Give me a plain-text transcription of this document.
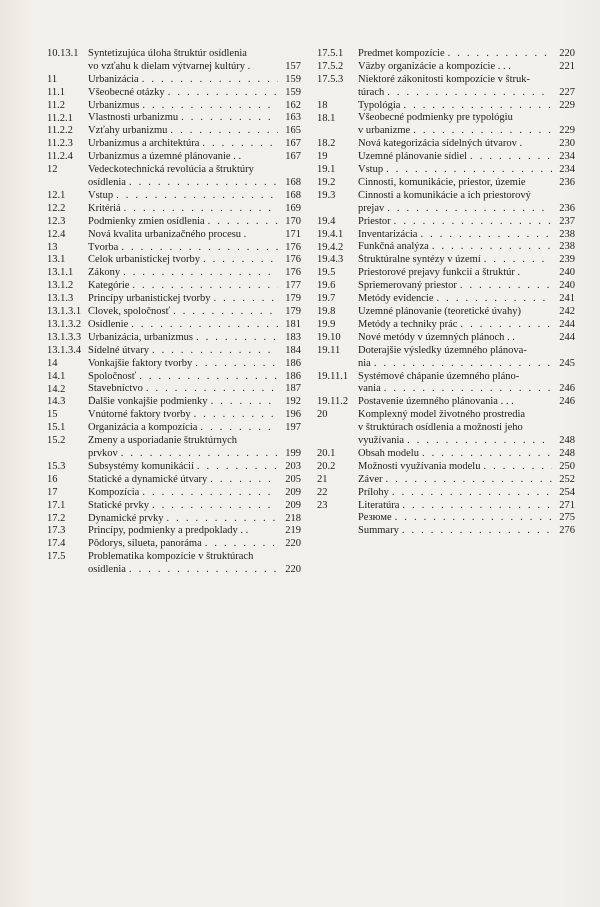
10.13.1 Syntetizujúca úloha štruktúr osídlenia
vo vzťahu k dielam výtvarnej kultúry .	157
11	Urbanizácia . . .	159
11.1	Všeobecné otázky . . .	159
11.2	Urbanizmus . . .	162
11.2.1	Vlastnosti urbanizmu . . .	163
11.2.2	Vzťahy urbanizmu . . .	165
11.2.3	Urbanizmus a architektúra . . .	167
11.2.4	Urbanizmus a územné plánovanie . .	167
12	Vedeckotechnická revolúcia a štruktúry
osídlenia . . .	168
12.1	Vstup . . .	168
12.2	Kritériá . . .	169
12.3	Podmienky zmien osídlenia . . .	170
12.4	Nová kvalita urbanizačného procesu .	171
13	Tvorba . . .	176
13.1	Celok urbanistickej tvorby . . .	176
13.1.1	Zákony . . .	176
13.1.2	Kategórie . . .	177
13.1.3	Princípy urbanistickej tvorby . . .	179
13.1.3.1 Človek, spoločnosť . . .	179
13.1.3.2 Osídlenie . . .	181
13.1.3.3 Urbanizácia, urbanizmus . . .	183
13.1.3.4 Sídelné útvary . . .	184
14	Vonkajšie faktory tvorby . . .	186
14.1	Spoločnosť . . .	186
14.2	Stavebníctvo . . .	187
14.3	Ďalšie vonkajšie podmienky . . .	192
15	Vnútorné faktory tvorby . . .	196
15.1	Organizácia a kompozícia . . .	197
15.2	Zmeny a usporiadanie štruktúrnych
prvkov . . .	199
15.3	Subsystémy komunikácií . . .	203
16	Statické a dynamické útvary . . .	205
17	Kompozícia . . .	209
17.1	Statické prvky . . .	209
17.2	Dynamické prvky . . .	218
17.3	Princípy, podmienky a predpoklady . .	219
17.4	Pôdorys, silueta, panoráma . . .	220
17.5	Problematika kompozície v štruktúrach
osídlenia . . .	220
17.5.1	Predmet kompozície . . .	220
17.5.2	Väzby organizácie a kompozície . . .	221
17.5.3	Niektoré zákonitosti kompozície v štruk-
túrach . . .	227
18	Typológia . . .	229
18.1	Všeobecné podmienky pre typológiu
v urbanizme . . .	229
18.2	Nová kategorizácia sídelných útvarov .	230
19	Územné plánovanie sídiel . . .	234
19.1	Vstup . . .	234
19.2	Činnosti, komunikácie, priestor, územie	236
19.3	Činnosti a komunikácie a ich priestorový
prejav . . .	236
19.4	Priestor . . .	237
19.4.1	Inventarizácia . . .	238
19.4.2	Funkčná analýza . . .	238
19.4.3	Štruktúralne syntézy v území . . .	239
19.5	Priestorové prejavy funkcií a štruktúr .	240
19.6	Spriemerovaný priestor . . .	240
19.7	Metódy evidencie . . .	241
19.8	Územné plánovanie (teoretické úvahy)	242
19.9	Metódy a techniky prác . . .	244
19.10	Nové metódy v územných plánoch . .	244
19.11	Doterajšie výsledky územného plánova-
nia . . .	245
19.11.1 Systémové chápanie územného pláno-
vania . . .	246
19.11.2 Postavenie územného plánovania . . .	246
20	Komplexný model životného prostredia
v štruktúrach osídlenia a možnosti jeho
využívania . . .	248
20.1	Obsah modelu . . .	248
20.2	Možnosti využívania modelu . . .	250
21	Záver . . .	252
22	Prílohy . . .	254
23	Literatúra . . .	271
Резюме . . .	275
Summary . . .	276
